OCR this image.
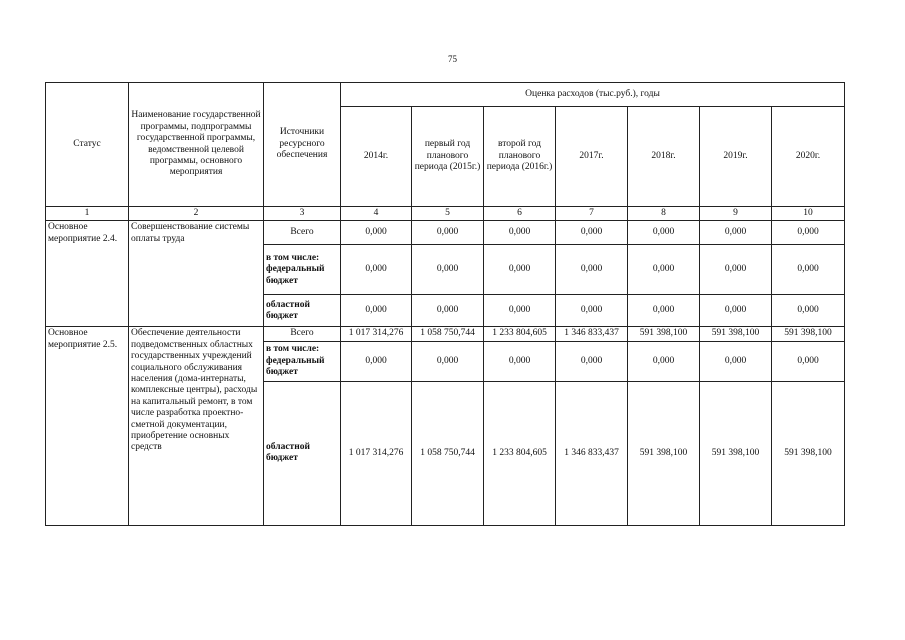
75
Статус	Наименование государственной программы, подпрограммы государственной программы, ведомственной целевой программы, основного мероприятия	Источники ресурсного обеспечения	Оценка расходов (тыс.руб.), годы						
			2014г.	первый год планового периода (2015г.)	второй год планового периода (2016г.)	2017г.	2018г.	2019г.	2020г.
1	2	3	4	5	6	7	8	9	10
Основное мероприятие 2.4.	Совершенствование системы оплаты труда	Всего	0,000	0,000	0,000	0,000	0,000	0,000	0,000
		в том числе: федеральный бюджет	0,000	0,000	0,000	0,000	0,000	0,000	0,000
		областной бюджет	0,000	0,000	0,000	0,000	0,000	0,000	0,000
Основное мероприятие 2.5.	Обеспечение деятельности подведомственных областных государственных учреждений социального обслуживания населения (дома-интернаты, комплексные центры), расходы на капитальный ремонт, в том числе разработка проектно-сметной документации, приобретение основных средств	Всего	1 017 314,276	1 058 750,744	1 233 804,605	1 346 833,437	591 398,100	591 398,100	591 398,100
		в том числе: федеральный бюджет	0,000	0,000	0,000	0,000	0,000	0,000	0,000
		областной бюджет	1 017 314,276	1 058 750,744	1 233 804,605	1 346 833,437	591 398,100	591 398,100	591 398,100
